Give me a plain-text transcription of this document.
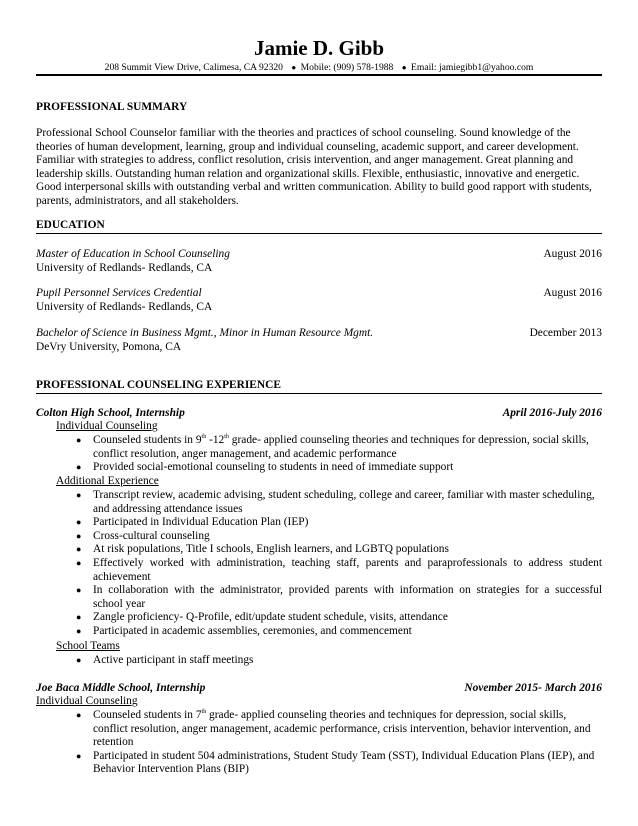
Jamie D. Gibb
208 Summit View Drive, Calimesa, CA 92320 ● Mobile: (909) 578-1988 ● Email: jamiegibb1@yahoo.com
PROFESSIONAL SUMMARY

Professional School Counselor familiar with the theories and practices of school counseling. Sound knowledge of the

theories of human development, learning, group and individual counseling, academic support, and career development.

Familiar with strategies to address, conflict resolution, crisis intervention, and anger management. Great planning and

leadership skills. Outstanding human relation and organizational skills. Flexible, enthusiastic, innovative and energetic.

Good interpersonal skills with outstanding verbal and written communication. Ability to build good rapport with students,

parents, administrators, and all stakeholders.

EDUCATION
Master of Education in School Counseling	August 2016
University of Redlands- Redlands, CA
Pupil Personnel Services Credential	August 2016
University of Redlands- Redlands, CA
Bachelor of Science in Business Mgmt., Minor in Human Resource Mgmt.	December 2013
DeVry University, Pomona, CA
PROFESSIONAL COUNSELING EXPERIENCE
Colton High School, Internship	April 2016-July 2016
Individual Counseling
● Counseled students in 9th -12th grade- applied counseling theories and techniques for depression, social skills,
conflict resolution, anger management, and academic performance
● Provided social-emotional counseling to students in need of immediate support
Additional Experience
● Transcript review, academic advising, student scheduling, college and career, familiar with master scheduling,
and addressing attendance issues
● Participated in Individual Education Plan (IEP)
● Cross-cultural counseling
● At risk populations, Title I schools, English learners, and LGBTQ populations
● Effectively worked with administration, teaching staff, parents and paraprofessionals to address student
achievement
● In collaboration with the administrator, provided parents with information on strategies for a successful
school year
● Zangle proficiency- Q-Profile, edit/update student schedule, visits, attendance
● Participated in academic assemblies, ceremonies, and commencement
School Teams
● Active participant in staff meetings
Joe Baca Middle School, Internship	November 2015- March 2016
Individual Counseling
● Counseled students in 7th grade- applied counseling theories and techniques for depression, social skills,
conflict resolution, anger management, academic performance, crisis intervention, behavior intervention, and
retention
● Participated in student 504 administrations, Student Study Team (SST), Individual Education Plans (IEP), and
Behavior Intervention Plans (BIP)
